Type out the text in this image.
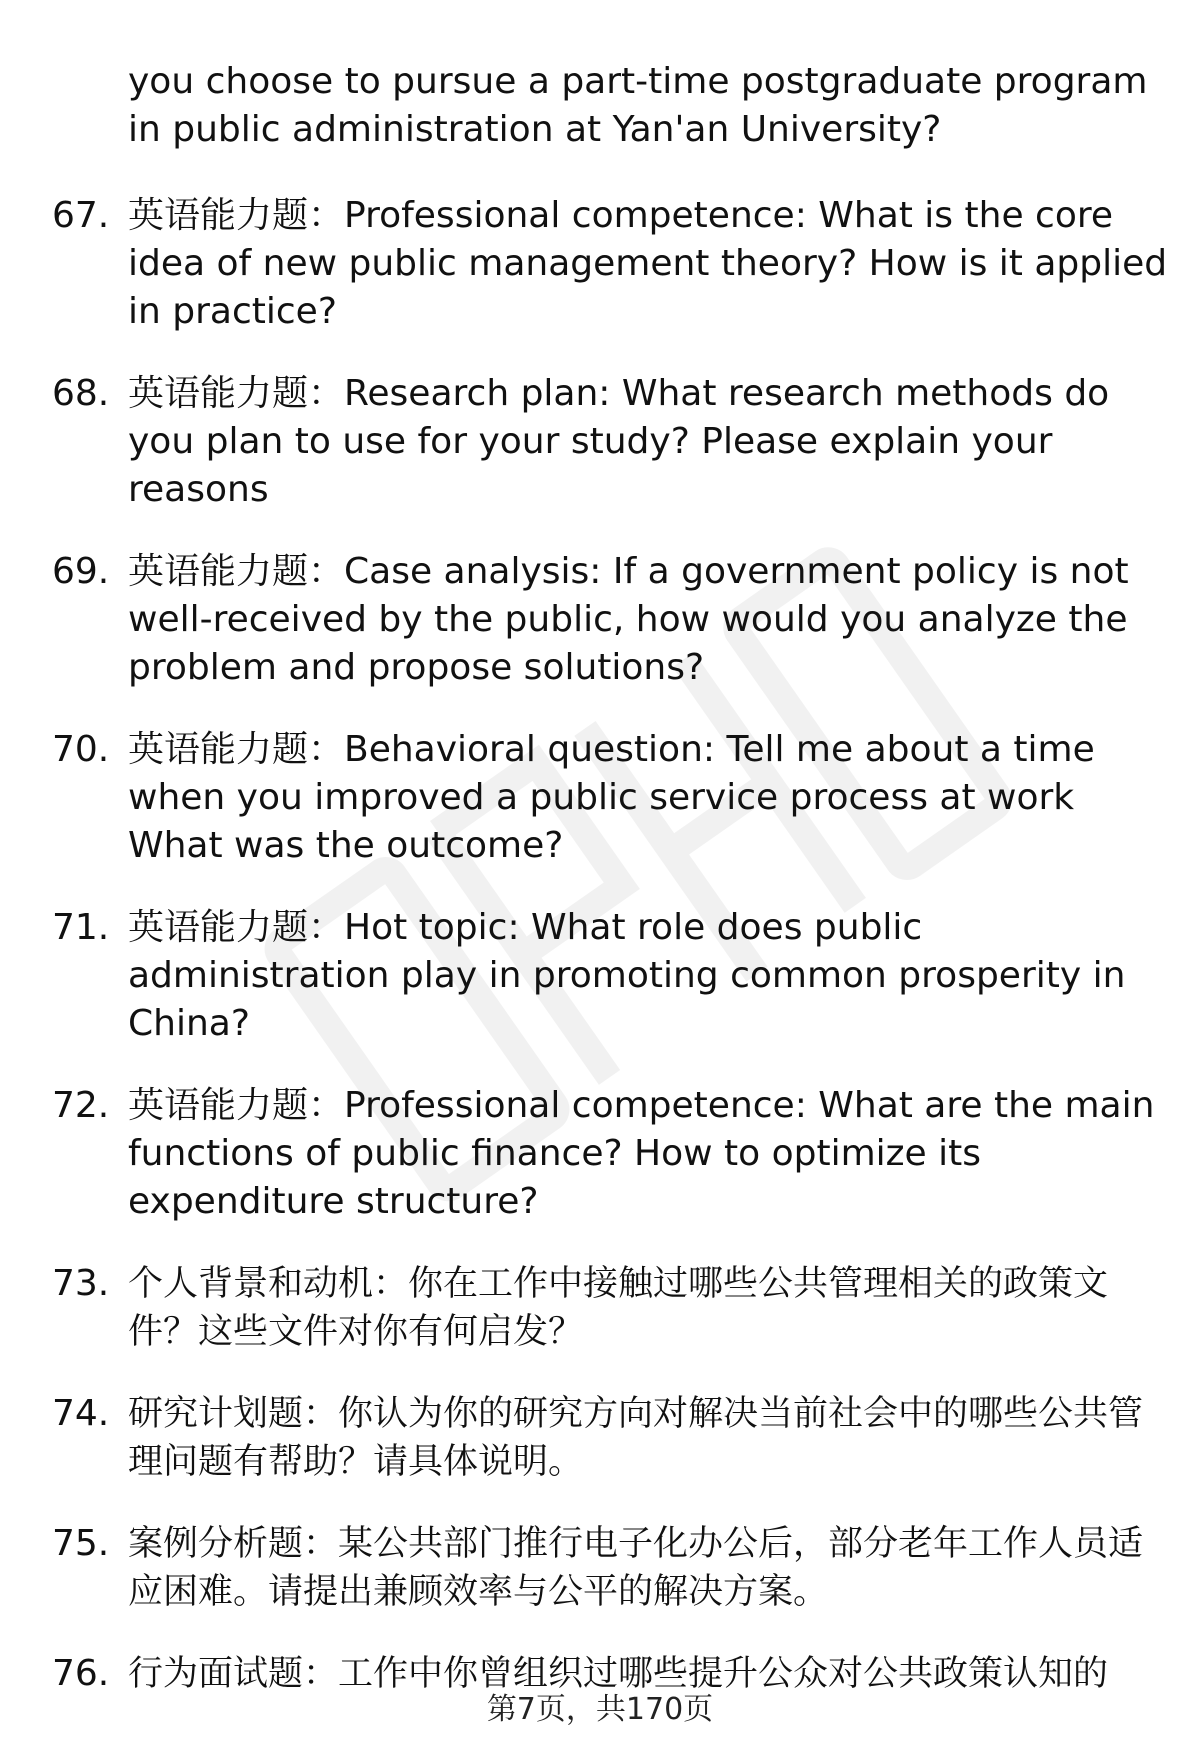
you choose to pursue a part-time postgraduate program in public administration at Yan'an University?

67. 英语能力题：Professional competence: What is the core idea of new public management theory? How is it applied in practice?
68. 英语能力题：Research plan: What research methods do you plan to use for your study? Please explain your reasons
69. 英语能力题：Case analysis: If a government policy is not well-received by the public, how would you analyze the problem and propose solutions?
70. 英语能力题：Behavioral question: Tell me about a time when you improved a public service process at work What was the outcome?
71. 英语能力题：Hot topic: What role does public administration play in promoting common prosperity in China?
72. 英语能力题：Professional competence: What are the main functions of public finance? How to optimize its expenditure structure?
73. 个人背景和动机：你在工作中接触过哪些公共管理相关的政策文件？这些文件对你有何启发？
74. 研究计划题：你认为你的研究方向对解决当前社会中的哪些公共管理问题有帮助？请具体说明。
75. 案例分析题：某公共部门推行电子化办公后，部分老年工作人员适应困难。请提出兼顾效率与公平的解决方案。
76. 行为面试题：工作中你曾组织过哪些提升公众对公共政策认知的
第7页，共170页
